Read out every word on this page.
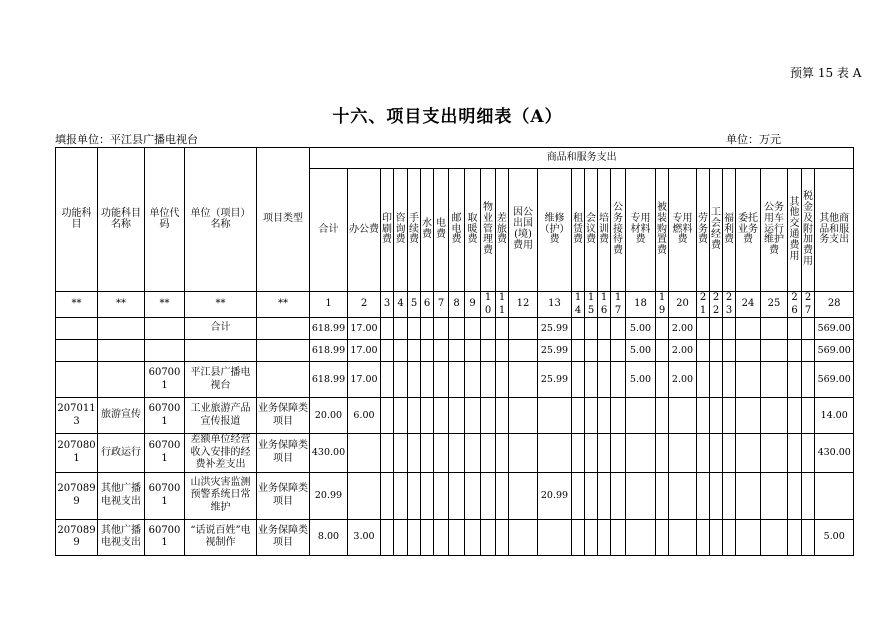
预算 15 表 A
十六、项目支出明细表（A）
填报单位：平江县广播电视台	单位：万元
功能科目	功能科目名称	单位代码	单位（项目）名称	项目类型	商品和服务支出																											
					合计	办公费	印刷费	咨询费	手续费	水费	电费	邮电费	取暖费	物业管理费	差旅费	因公出国(境)费用	维修（护）费	租赁费	会议费	培训费	公务接待费	专用材料费	被装购置费	专用燃料费	劳务费	工会经费	福利费	委托业务费	公务用车运行维护费	其他交通费用	税金及附加费用	其他商品和服务支出
**	**	**	**	**	1	2	3	4	5	6	7	8	9	10	11	12	13	14	15	16	17	18	19	20	21	22	23	24	25	26	27	28
			合计		618.99	17.00											25.99					5.00		2.00								569.00
					618.99	17.00											25.99					5.00		2.00								569.00
		607001	平江县广播电视台		618.99	17.00											25.99					5.00		2.00								569.00
2070113	旅游宣传	607001	工业旅游产品宣传报道	业务保障类项目	20.00	6.00																										14.00
2070801	行政运行	607001	差额单位经营收入安排的经费补差支出	业务保障类项目	430.00																											430.00
2070899	其他广播电视支出	607001	山洪灾害监测预警系统日常维护	业务保障类项目	20.99												20.99															
2070899	其他广播电视支出	607001	“话说百姓”电视制作	业务保障类项目	8.00	3.00																										5.00
